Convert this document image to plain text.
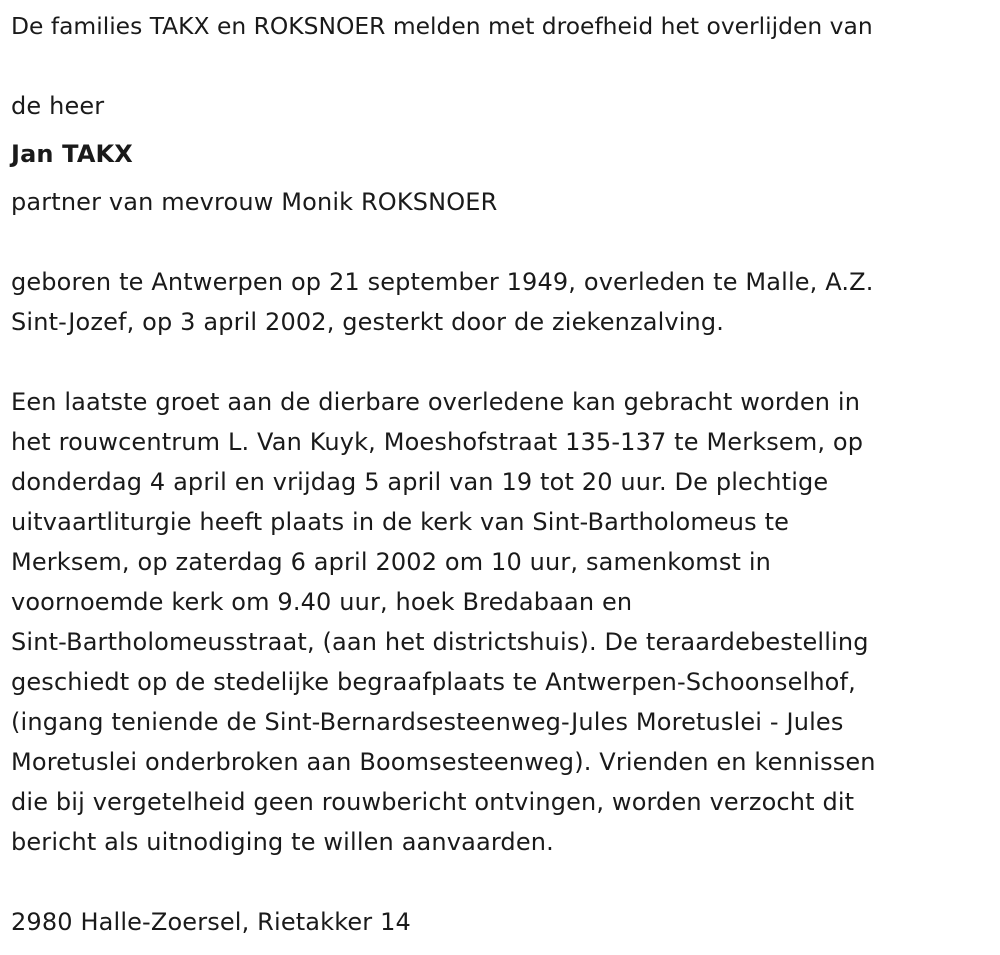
De families TAKX en ROKSNOER melden met droefheid het overlijden van
de heer
Jan TAKX
partner van mevrouw Monik ROKSNOER
geboren te Antwerpen op 21 september 1949, overleden te Malle, A.Z.
Sint-Jozef, op 3 april 2002, gesterkt door de ziekenzalving.
Een laatste groet aan de dierbare overledene kan gebracht worden in
het rouwcentrum L. Van Kuyk, Moeshofstraat 135-137 te Merksem, op
donderdag 4 april en vrijdag 5 april van 19 tot 20 uur. De plechtige
uitvaartliturgie heeft plaats in de kerk van Sint-Bartholomeus te
Merksem, op zaterdag 6 april 2002 om 10 uur, samenkomst in
voornoemde kerk om 9.40 uur, hoek Bredabaan en
Sint-Bartholomeusstraat, (aan het districtshuis). De teraardebestelling
geschiedt op de stedelijke begraafplaats te Antwerpen-Schoonselhof,
(ingang teniende de Sint-Bernardsesteenweg-Jules Moretuslei - Jules
Moretuslei onderbroken aan Boomsesteenweg). Vrienden en kennissen
die bij vergetelheid geen rouwbericht ontvingen, worden verzocht dit
bericht als uitnodiging te willen aanvaarden.
2980 Halle-Zoersel, Rietakker 14
